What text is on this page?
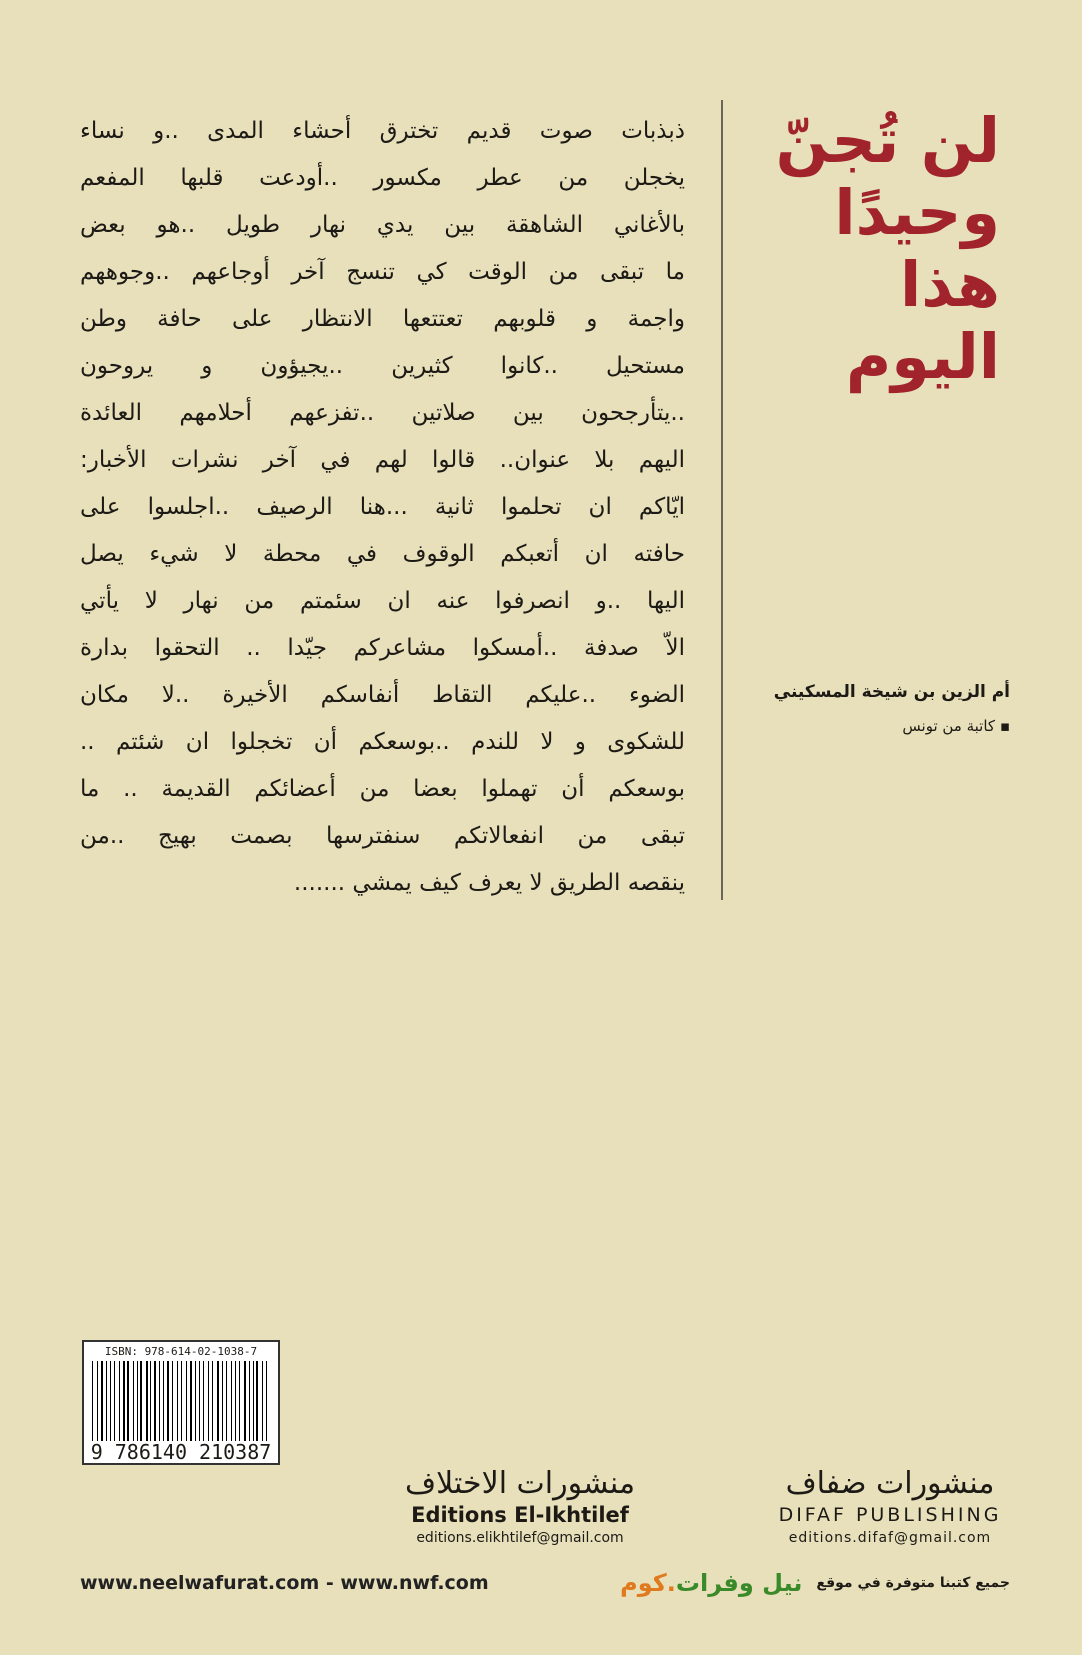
لن تُجنّ
وحيدًا
هذا
اليوم
ذبذبات صوت قديم تخترق أحشاء المدى ..و نساء
يخجلن من عطر مكسور ..أودعت قلبها المفعم
بالأغاني الشاهقة بين يدي نهار طويل ..هو بعض
ما تبقى من الوقت كي تنسج آخر أوجاعهم ..وجوههم
واجمة و قلوبهم تعتتعها الانتظار على حافة وطن
مستحيل ..كانوا كثيرين ..يجيؤون و يروحون
..يتأرجحون بين صلاتين ..تفزعهم أحلامهم العائدة
اليهم بلا عنوان.. قالوا لهم في آخر نشرات الأخبار:
ايّاكم ان تحلموا ثانية ...هنا الرصيف ..اجلسوا على
حافته ان أتعبكم الوقوف في محطة لا شيء يصل
اليها ..و انصرفوا عنه ان سئمتم من نهار لا يأتي
الاّ صدفة ..أمسكوا مشاعركم جيّدا .. التحقوا بدارة
الضوء ..عليكم التقاط أنفاسكم الأخيرة ..لا مكان
للشكوى و لا للندم ..بوسعكم أن تخجلوا ان شئتم ..
بوسعكم أن تهملوا بعضا من أعضائكم القديمة .. ما
تبقى من انفعالاتكم سنفترسها بصمت بهيج ..من
ينقصه الطريق لا يعرف كيف يمشي .......
أم الزين بن شيخة المسكيني
▪ كاتبة من تونس
ISBN: 978-614-02-1038-7
9 786140 210387
منشورات الاختلاف
Editions El-Ikhtilef
editions.elikhtilef@gmail.com
منشورات ضفاف
DIFAF PUBLISHING
editions.difaf@gmail.com
www.neelwafurat.com - www.nwf.com	جميع كتبنا متوفرة في موقع
نيل وفرات.كوم
